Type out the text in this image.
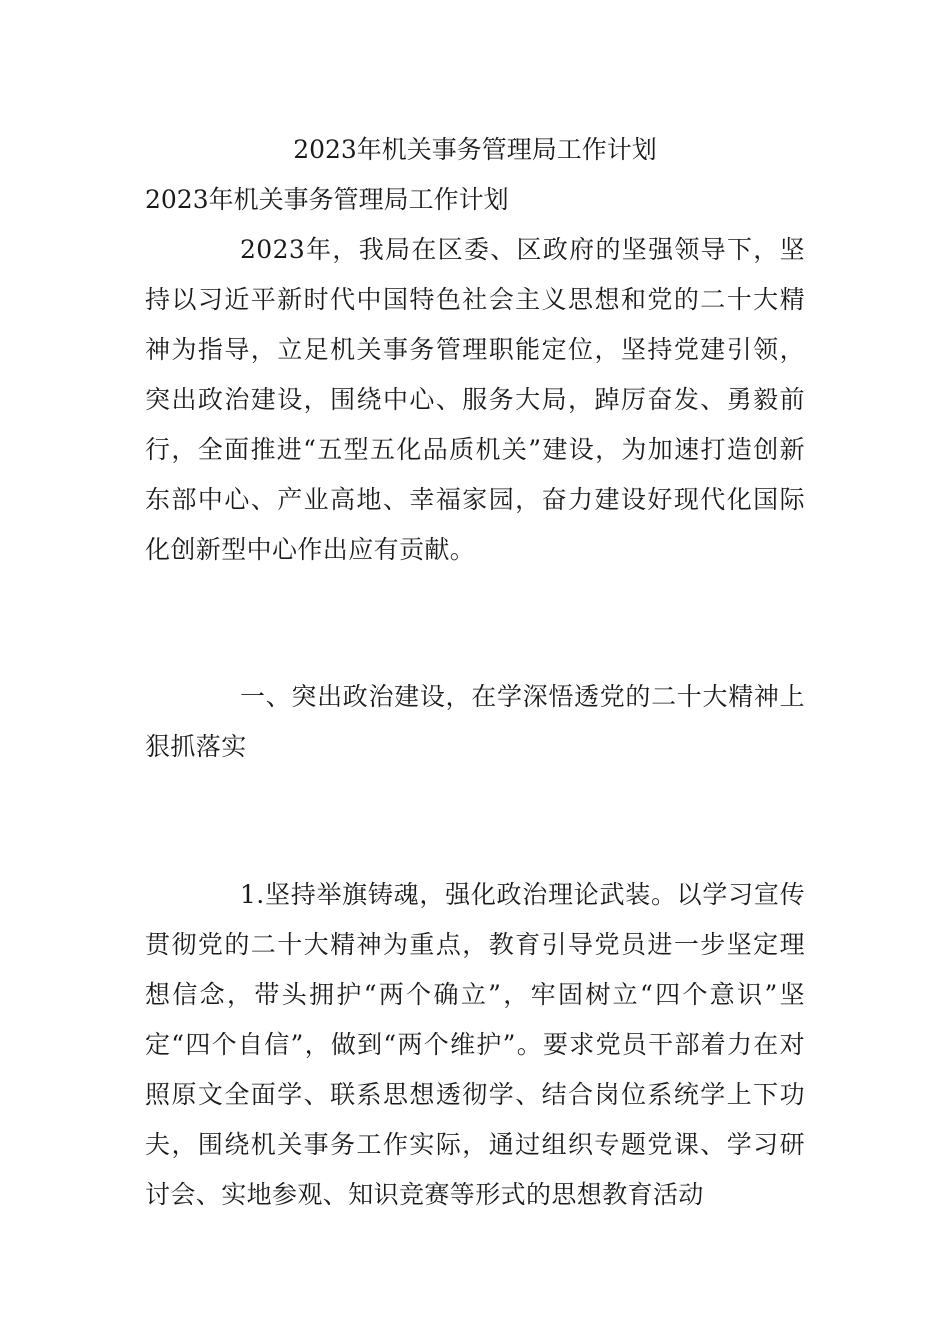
2023年机关事务管理局工作计划
2023年机关事务管理局工作计划

2023年，我局在区委、区政府的坚强领导下，坚持以习近平新时代中国特色社会主义思想和党的二十大精神为指导，立足机关事务管理职能定位，坚持党建引领，突出政治建设，围绕中心、服务大局，踔厉奋发、勇毅前行，全面推进“五型五化品质机关”建设，为加速打造创新东部中心、产业高地、幸福家园，奋力建设好现代化国际化创新型中心作出应有贡献。

一、突出政治建设，在学深悟透党的二十大精神上狠抓落实

1.坚持举旗铸魂，强化政治理论武装。以学习宣传贯彻党的二十大精神为重点，教育引导党员进一步坚定理想信念，带头拥护“两个确立”，牢固树立“四个意识”坚定“四个自信”，做到“两个维护”。要求党员干部着力在对照原文全面学、联系思想透彻学、结合岗位系统学上下功夫，围绕机关事务工作实际，通过组织专题党课、学习研讨会、实地参观、知识竞赛等形式的思想教育活动
